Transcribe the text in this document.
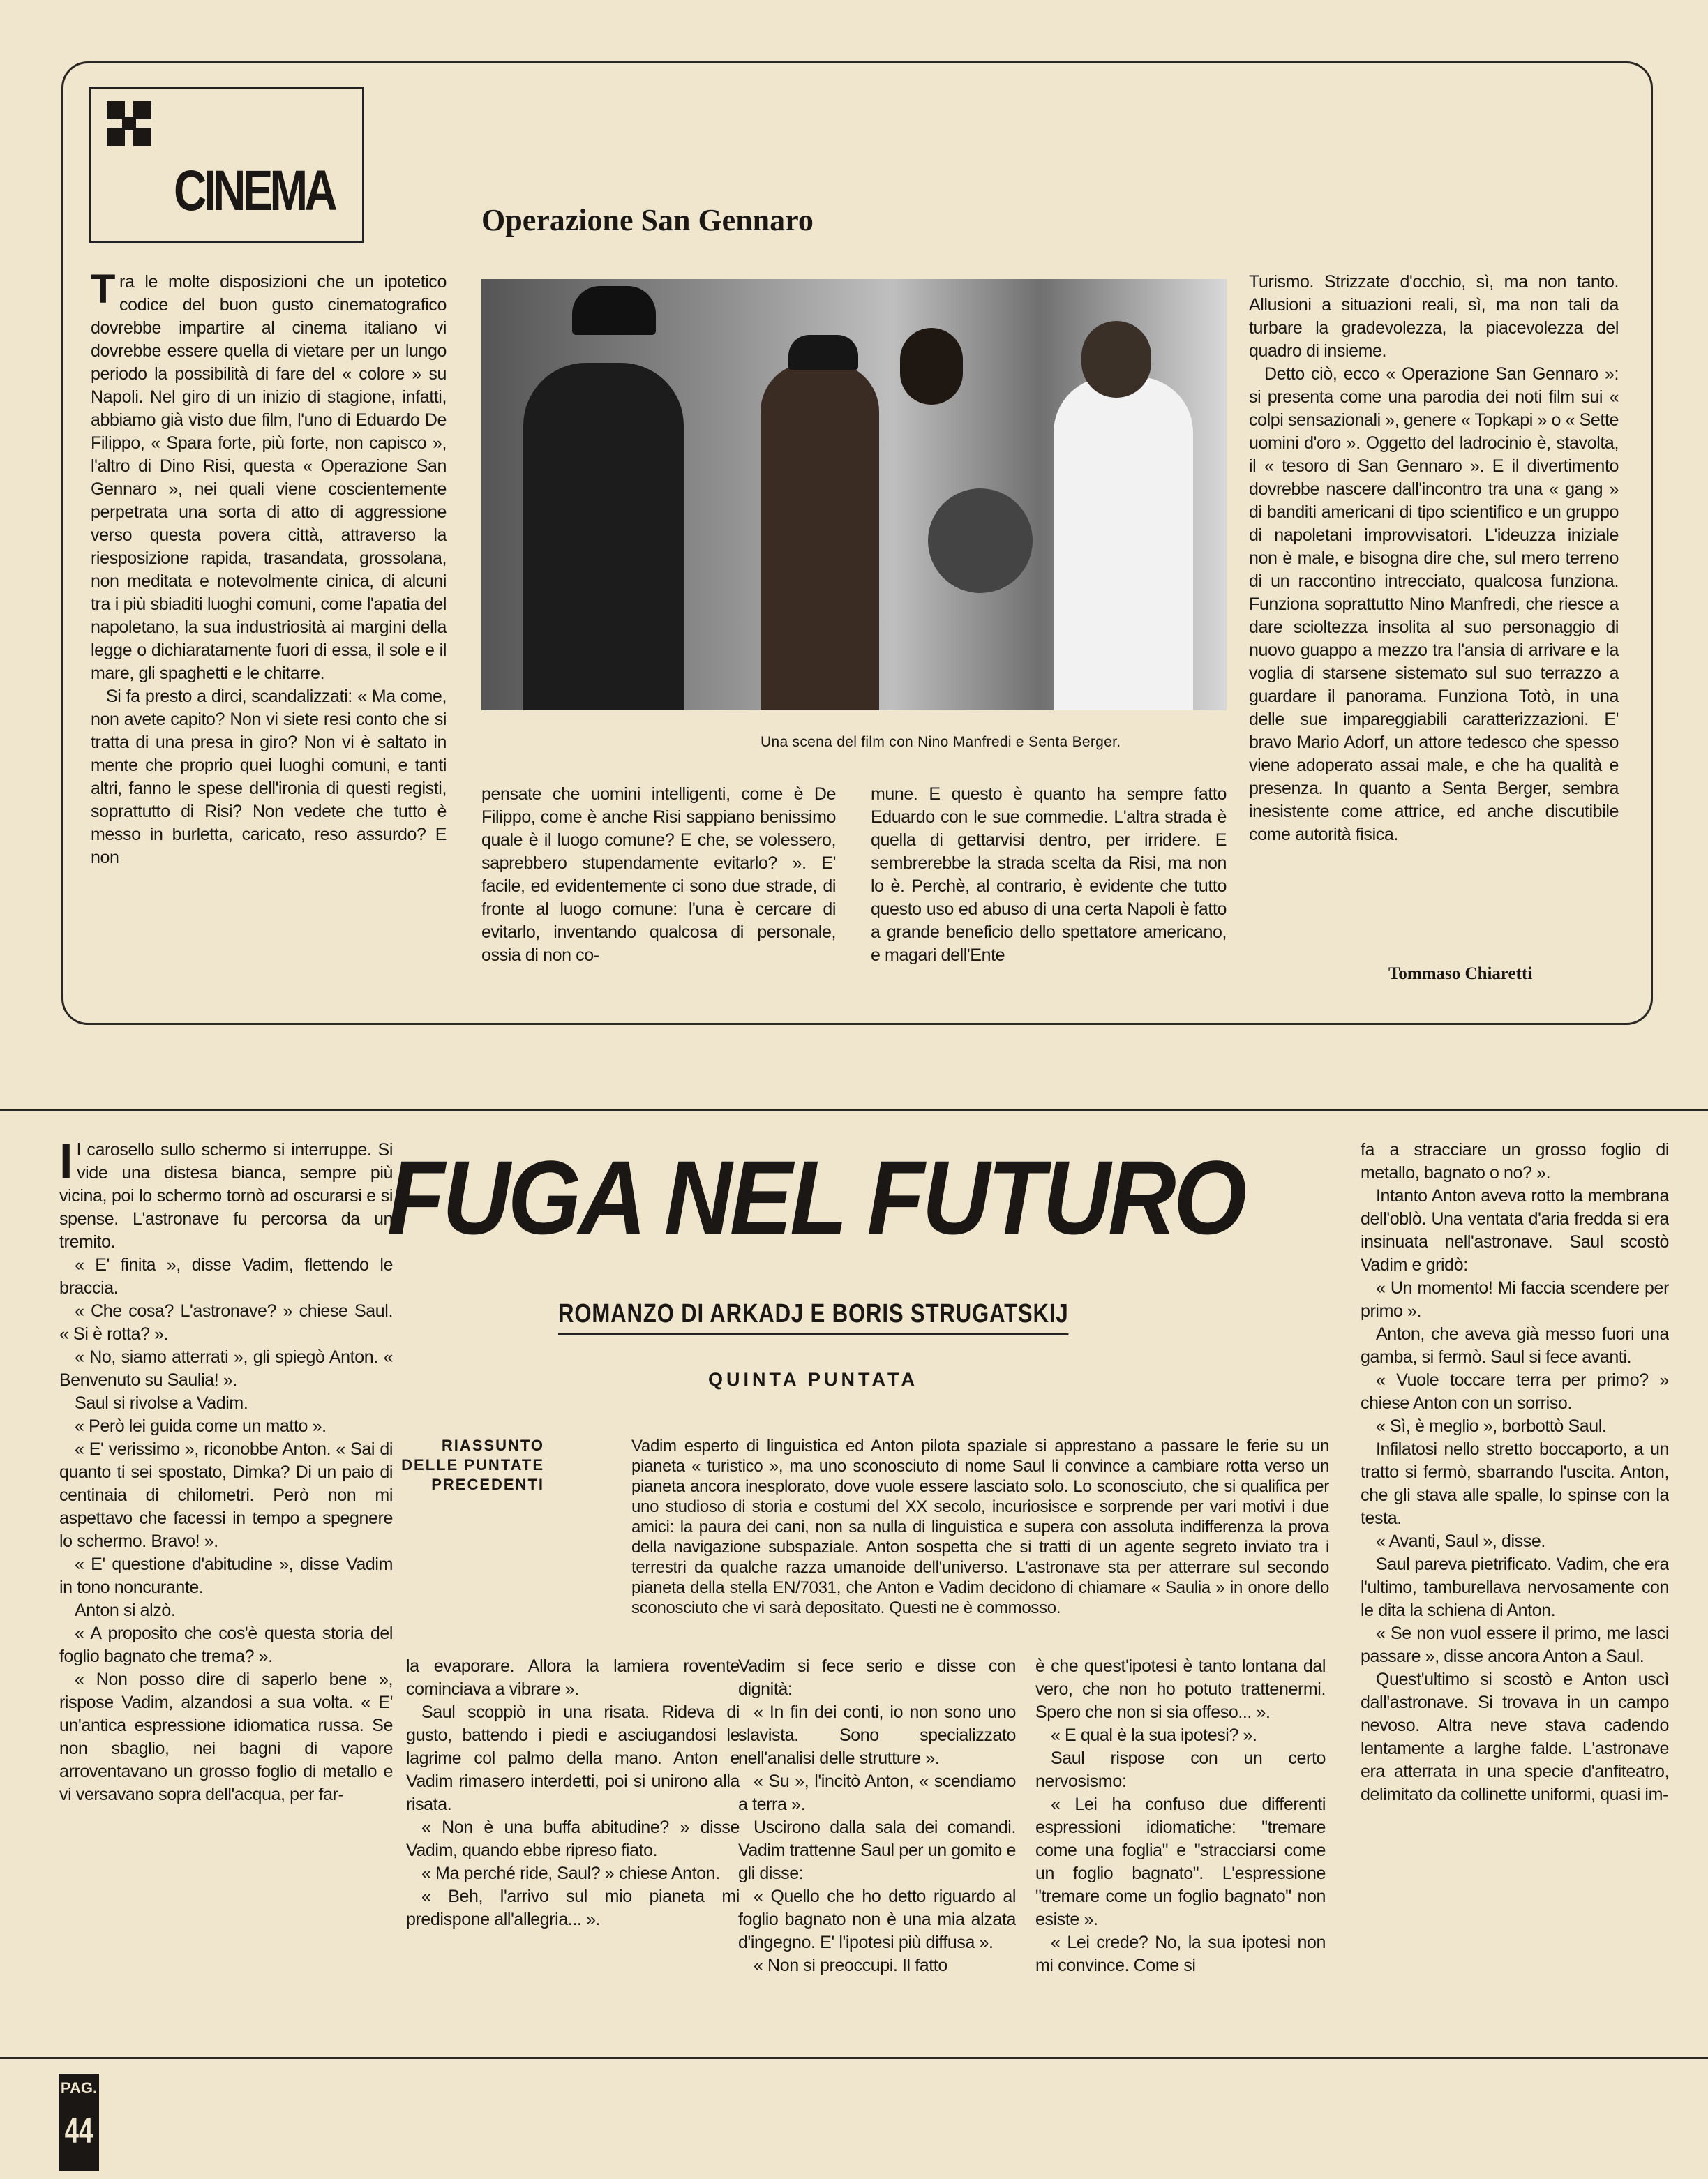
CINEMA	Operazione San Gennaro
Una scena del film con Nino Manfredi e Senta Berger.

Tra le molte disposizioni che un ipotetico codice del buon gusto cinematografico dovrebbe impartire al cinema italiano vi dovrebbe essere quella di vietare per un lungo periodo la possibilità di fare del « colore » su Napoli. Nel giro di un inizio di stagione, infatti, abbiamo già visto due film, l'uno di Eduardo De Filippo, « Spara forte, più forte, non capisco », l'altro di Dino Risi, questa « Operazione San Gennaro », nei quali viene coscientemente perpetrata una sorta di atto di aggressione verso questa povera città, attraverso la riesposizione rapida, trasandata, grossolana, non meditata e notevolmente cinica, di alcuni tra i più sbiaditi luoghi comuni, come l'apatia del napoletano, la sua industriosità ai margini della legge o dichiaratamente fuori di essa, il sole e il mare, gli spaghetti e le chitarre.

Si fa presto a dirci, scandalizzati: « Ma come, non avete capito? Non vi siete resi conto che si tratta di una presa in giro? Non vi è saltato in mente che proprio quei luoghi comuni, e tanti altri, fanno le spese dell'ironia di questi registi, soprattutto di Risi? Non vedete che tutto è messo in burletta, caricato, reso assurdo? E non

pensate che uomini intelligenti, come è De Filippo, come è anche Risi sappiano benissimo quale è il luogo comune? E che, se volessero, saprebbero stupendamente evitarlo? ». E' facile, ed evidentemente ci sono due strade, di fronte al luogo comune: l'una è cercare di evitarlo, inventando qualcosa di personale, ossia di non co-

mune. E questo è quanto ha sempre fatto Eduardo con le sue commedie. L'altra strada è quella di gettarvisi dentro, per irridere. E sembrerebbe la strada scelta da Risi, ma non lo è. Perchè, al contrario, è evidente che tutto questo uso ed abuso di una certa Napoli è fatto a grande beneficio dello spettatore americano, e magari dell'Ente

Turismo. Strizzate d'occhio, sì, ma non tanto. Allusioni a situazioni reali, sì, ma non tali da turbare la gradevolezza, la piacevolezza del quadro di insieme.

Detto ciò, ecco « Operazione San Gennaro »: si presenta come una parodia dei noti film sui « colpi sensazionali », genere « Topkapi » o « Sette uomini d'oro ». Oggetto del ladrocinio è, stavolta, il « tesoro di San Gennaro ». E il divertimento dovrebbe nascere dall'incontro tra una « gang » di banditi americani di tipo scientifico e un gruppo di napoletani improvvisatori. L'ideuzza iniziale non è male, e bisogna dire che, sul mero terreno di un raccontino intrecciato, qualcosa funziona. Funziona soprattutto Nino Manfredi, che riesce a dare scioltezza insolita al suo personaggio di nuovo guappo a mezzo tra l'ansia di arrivare e la voglia di starsene sistemato sul suo terrazzo a guardare il panorama. Funziona Totò, in una delle sue impareggiabili caratterizzazioni. E' bravo Mario Adorf, un attore tedesco che spesso viene adoperato assai male, e che ha qualità e presenza. In quanto a Senta Berger, sembra inesistente come attrice, ed anche discutibile come autorità fisica.

Tommaso Chiaretti
FUGA NEL FUTURO
ROMANZO DI ARKADJ E BORIS STRUGATSKIJ
QUINTA PUNTATA
RIASSUNTO DELLE PUNTATE PRECEDENTI
Vadim esperto di linguistica ed Anton pilota spaziale si apprestano a passare le ferie su un pianeta « turistico », ma uno sconosciuto di nome Saul li convince a cambiare rotta verso un pianeta ancora inesplorato, dove vuole essere lasciato solo. Lo sconosciuto, che si qualifica per uno studioso di storia e costumi del XX secolo, incuriosisce e sorprende per vari motivi i due amici: la paura dei cani, non sa nulla di linguistica e supera con assoluta indifferenza la prova della navigazione subspaziale. Anton sospetta che si tratti di un agente segreto inviato tra i terrestri da qualche razza umanoide dell'universo. L'astronave sta per atterrare sul secondo pianeta della stella EN/7031, che Anton e Vadim decidono di chiamare « Saulia » in onore dello sconosciuto che vi sarà depositato. Questi ne è commosso.

Il carosello sullo schermo si interruppe. Si vide una distesa bianca, sempre più vicina, poi lo schermo tornò ad oscurarsi e si spense. L'astronave fu percorsa da un tremito.

« E' finita », disse Vadim, flettendo le braccia.

« Che cosa? L'astronave? » chiese Saul. « Si è rotta? ».

« No, siamo atterrati », gli spiegò Anton. « Benvenuto su Saulia! ».

Saul si rivolse a Vadim.

« Però lei guida come un matto ».

« E' verissimo », riconobbe Anton. « Sai di quanto ti sei spostato, Dimka? Di un paio di centinaia di chilometri. Però non mi aspettavo che facessi in tempo a spegnere lo schermo. Bravo! ».

« E' questione d'abitudine », disse Vadim in tono noncurante.

Anton si alzò.

« A proposito che cos'è questa storia del foglio bagnato che trema? ».

« Non posso dire di saperlo bene », rispose Vadim, alzandosi a sua volta. « E' un'antica espressione idiomatica russa. Se non sbaglio, nei bagni di vapore arroventavano un grosso foglio di metallo e vi versavano sopra dell'acqua, per far-

la evaporare. Allora la lamiera rovente cominciava a vibrare ».

Saul scoppiò in una risata. Rideva di gusto, battendo i piedi e asciugandosi le lagrime col palmo della mano. Anton e Vadim rimasero interdetti, poi si unirono alla risata.

« Non è una buffa abitudine? » disse Vadim, quando ebbe ripreso fiato.

« Ma perché ride, Saul? » chiese Anton.

« Beh, l'arrivo sul mio pianeta mi predispone all'allegria... ».

Vadim si fece serio e disse con dignità:

« In fin dei conti, io non sono uno slavista. Sono specializzato nell'analisi delle strutture ».

« Su », l'incitò Anton, « scendiamo a terra ».

Uscirono dalla sala dei comandi. Vadim trattenne Saul per un gomito e gli disse:

« Quello che ho detto riguardo al foglio bagnato non è una mia alzata d'ingegno. E' l'ipotesi più diffusa ».

« Non si preoccupi. Il fatto

è che quest'ipotesi è tanto lontana dal vero, che non ho potuto trattenermi. Spero che non si sia offeso... ».

« E qual è la sua ipotesi? ».

Saul rispose con un certo nervosismo:

« Lei ha confuso due differenti espressioni idiomatiche: "tremare come una foglia" e "stracciarsi come un foglio bagnato". L'espressione "tremare come un foglio bagnato" non esiste ».

« Lei crede? No, la sua ipotesi non mi convince. Come si

fa a stracciare un grosso foglio di metallo, bagnato o no? ».

Intanto Anton aveva rotto la membrana dell'oblò. Una ventata d'aria fredda si era insinuata nell'astronave. Saul scostò Vadim e gridò:

« Un momento! Mi faccia scendere per primo ».

Anton, che aveva già messo fuori una gamba, si fermò. Saul si fece avanti.

« Vuole toccare terra per primo? » chiese Anton con un sorriso.

« Sì, è meglio », borbottò Saul.

Infilatosi nello stretto boccaporto, a un tratto si fermò, sbarrando l'uscita. Anton, che gli stava alle spalle, lo spinse con la testa.

« Avanti, Saul », disse.

Saul pareva pietrificato. Vadim, che era l'ultimo, tamburellava nervosamente con le dita la schiena di Anton.

« Se non vuol essere il primo, me lasci passare », disse ancora Anton a Saul.

Quest'ultimo si scostò e Anton uscì dall'astronave. Si trovava in un campo nevoso. Altra neve stava cadendo lentamente a larghe falde. L'astronave era atterrata in una specie d'anfiteatro, delimitato da collinette uniformi, quasi im-

PAG.
44
